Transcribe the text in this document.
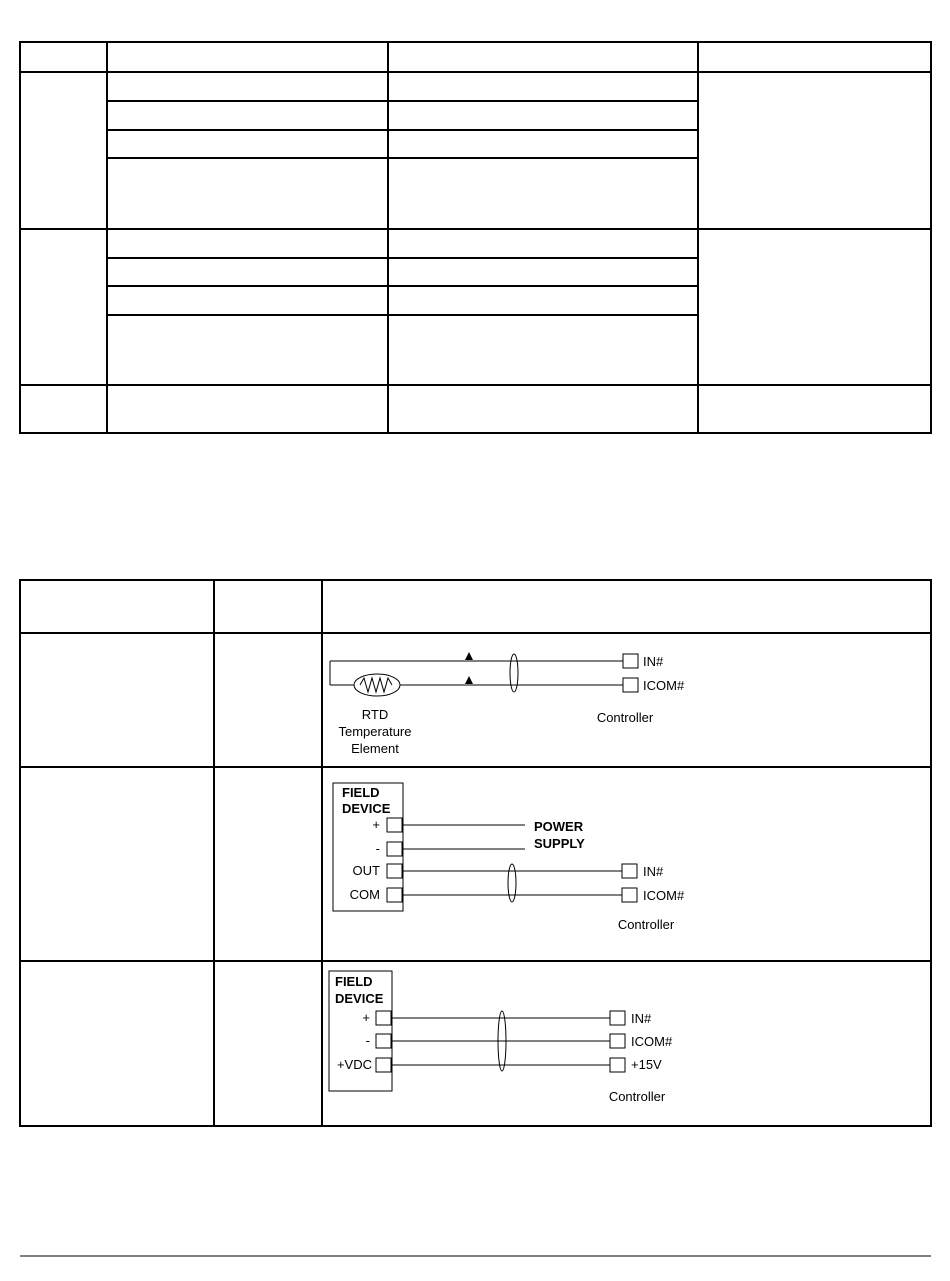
IN#
ICOM#
RTD
Temperature
Element
Controller
FIELD
DEVICE
+
-
OUT
COM
POWER
SUPPLY
IN#
ICOM#
Controller
FIELD
DEVICE
+
-
+VDC
IN#
ICOM#
+15V
Controller
